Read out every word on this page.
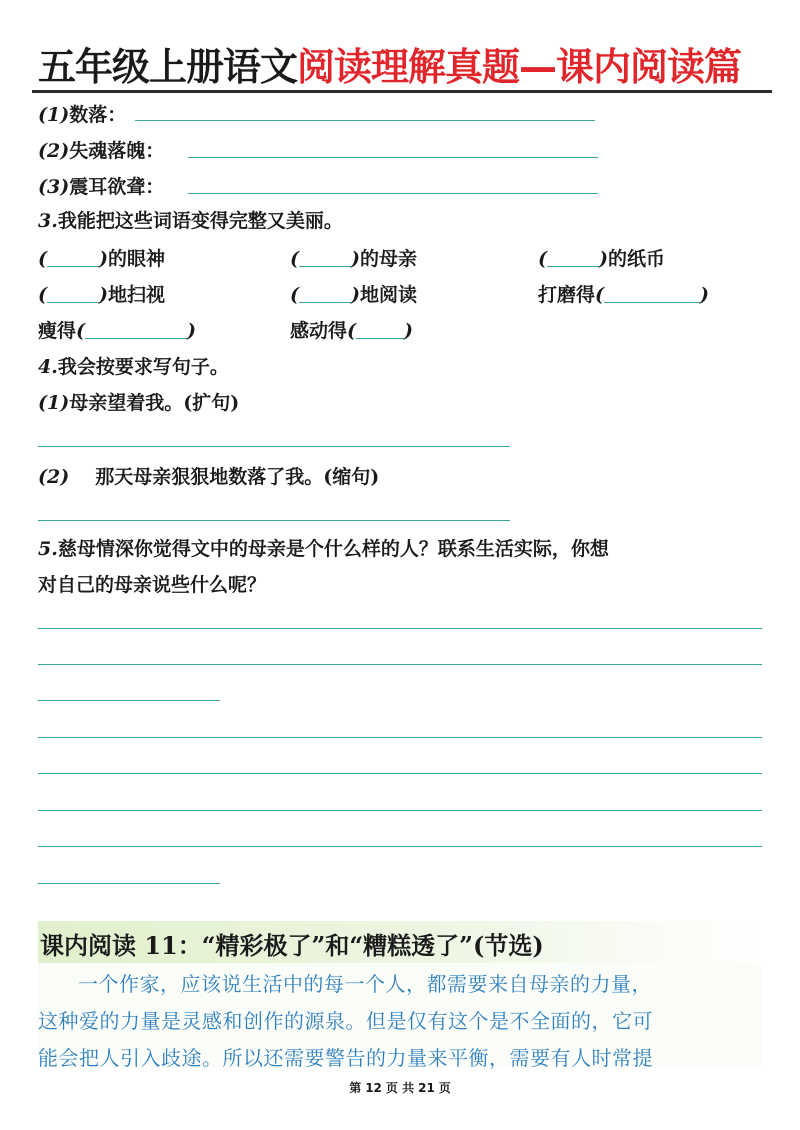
五年级上册语文阅读理解真题—课内阅读篇
(1)数落：
(2)失魂落魄：
(3)震耳欲聋：
3.我能把这些词语变得完整又美丽。
(	)的眼神	(	)的母亲	(	)的纸币
(	)地扫视	(	)地阅读	打磨得(	)
瘦得(	)	感动得(	)
4.我会按要求写句子。
(1)母亲望着我。(扩句)
(2) 那天母亲狠狠地数落了我。(缩句)
5.慈母情深你觉得文中的母亲是个什么样的人？联系生活实际，你想
对自己的母亲说些什么呢？
课内阅读 11：“精彩极了”和“糟糕透了”(节选)
一个作家，应该说生活中的每一个人，都需要来自母亲的力量，
这种爱的力量是灵感和创作的源泉。但是仅有这个是不全面的，它可
能会把人引入歧途。所以还需要警告的力量来平衡，需要有人时常提
第 12 页 共 21 页
